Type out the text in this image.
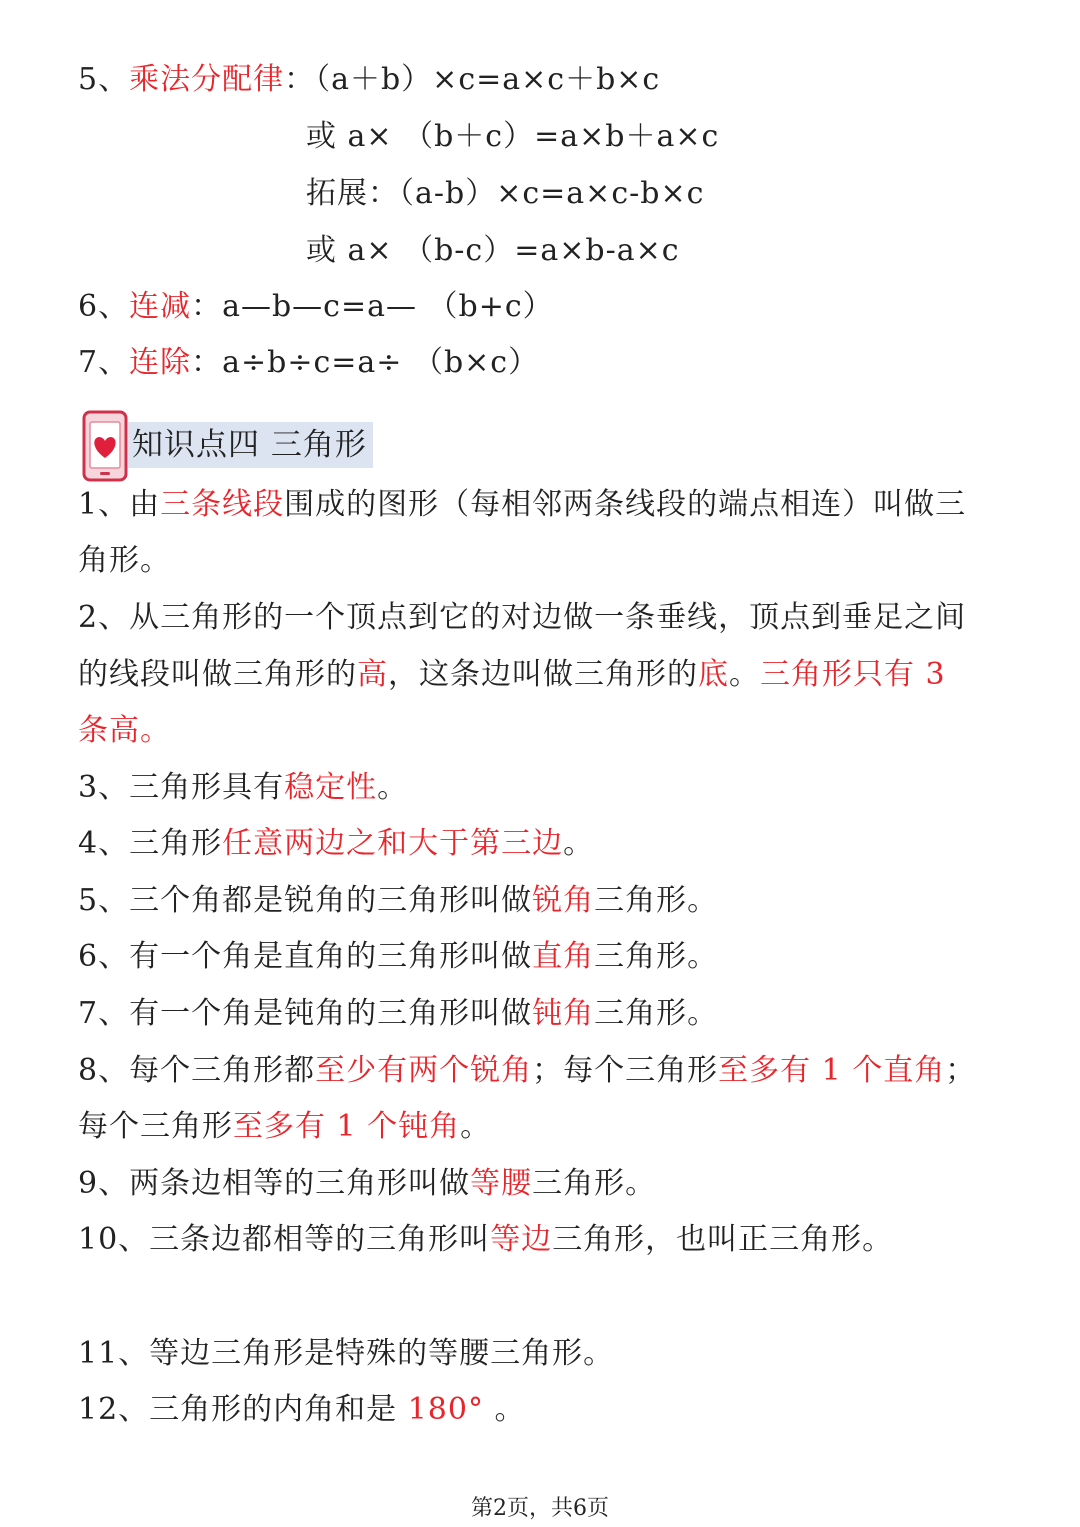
5、乘法分配律：（a＋b）×c=a×c＋b×c
或 a× （b＋c）=a×b＋a×c
拓展：（a-b）×c=a×c-b×c
或 a× （b-c）=a×b-a×c
6、连减：a—b—c=a— （b+c）
7、连除：a÷b÷c=a÷ （b×c）
知识点四 三角形
1、由三条线段围成的图形（每相邻两条线段的端点相连）叫做三
角形。
2、从三角形的一个顶点到它的对边做一条垂线，顶点到垂足之间
的线段叫做三角形的高，这条边叫做三角形的底。三角形只有 3
条高。
3、三角形具有稳定性。
4、三角形任意两边之和大于第三边。
5、三个角都是锐角的三角形叫做锐角三角形。
6、有一个角是直角的三角形叫做直角三角形。
7、有一个角是钝角的三角形叫做钝角三角形。
8、每个三角形都至少有两个锐角；每个三角形至多有 1 个直角；
每个三角形至多有 1 个钝角。
9、两条边相等的三角形叫做等腰三角形。
10、三条边都相等的三角形叫等边三角形，也叫正三角形。
11、等边三角形是特殊的等腰三角形。
12、三角形的内角和是 180° 。
第2页，共6页
